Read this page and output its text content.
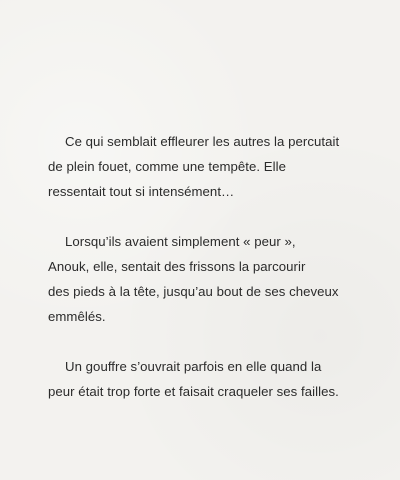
Ce qui semblait effleurer les autres la percutait
de plein fouet, comme une tempête. Elle
ressentait tout si intensément…
Lorsqu’ils avaient simplement « peur »,
Anouk, elle, sentait des frissons la parcourir
des pieds à la tête, jusqu’au bout de ses cheveux
emmêlés.
Un gouffre s’ouvrait parfois en elle quand la
peur était trop forte et faisait craqueler ses failles.
